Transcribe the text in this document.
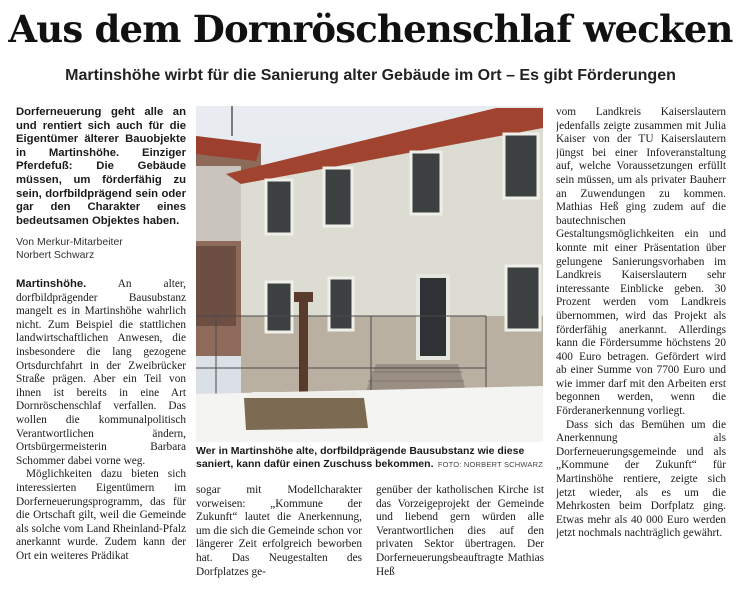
Aus dem Dornröschenschlaf wecken
Martinshöhe wirbt für die Sanierung alter Gebäude im Ort – Es gibt Förderungen

Dorferneuerung geht alle an und rentiert sich auch für die Eigentümer älterer Bauobjekte in Martinshöhe. Einziger Pferdefuß: Die Gebäude müssen, um förderfähig zu sein, dorfbildprägend sein oder gar den Charakter eines bedeutsamen Objektes haben.

Von Merkur-Mitarbeiter
Norbert Schwarz

Martinshöhe. An alter, dorfbildprägender Bausubstanz mangelt es in Martinshöhe wahrlich nicht. Zum Beispiel die stattlichen landwirtschaftlichen Anwesen, die insbesondere die lang gezogene Ortsdurchfahrt in der Zweibrücker Straße prägen. Aber ein Teil von ihnen ist bereits in eine Art Dornröschenschlaf verfallen. Das wollen die kommunalpolitisch Verantwortlichen ändern, Ortsbürgermeisterin Barbara Schommer dabei vorne weg.

Möglichkeiten dazu bieten sich interessierten Eigentümern im Dorferneuerungsprogramm, das für die Ortschaft gilt, weil die Gemeinde als solche vom Land Rheinland-Pfalz anerkannt wurde. Zudem kann der Ort ein weiteres Prädikat

Wer in Martinshöhe alte, dorfbildprägende Bausubstanz wie diese saniert, kann dafür einen Zuschuss bekommen. FOTO: NORBERT SCHWARZ

sogar mit Modellcharakter vorweisen: „Kommune der Zukunft“ lautet die Anerkennung, um die sich die Gemeinde schon vor längerer Zeit erfolgreich beworben hat. Das Neugestalten des Dorfplatzes ge-

genüber der katholischen Kirche ist das Vorzeigeprojekt der Gemeinde und liebend gern würden alle Verantwortlichen dies auf den privaten Sektor übertragen. Der Dorferneuerungsbeauftragte Mathias Heß

vom Landkreis Kaiserslautern jedenfalls zeigte zusammen mit Julia Kaiser von der TU Kaiserslautern jüngst bei einer Infoveranstaltung auf, welche Voraussetzungen erfüllt sein müssen, um als privater Bauherr an Zuwendungen zu kommen. Mathias Heß ging zudem auf die bautechnischen Gestaltungsmöglichkeiten ein und konnte mit einer Präsentation über gelungene Sanierungsvorhaben im Landkreis Kaiserslautern sehr interessante Einblicke geben. 30 Prozent werden vom Landkreis übernommen, wird das Projekt als förderfähig anerkannt. Allerdings kann die Fördersumme höchstens 20 400 Euro betragen. Gefördert wird ab einer Summe von 7700 Euro und wie immer darf mit den Arbeiten erst begonnen werden, wenn die Förderanerkennung vorliegt.

Dass sich das Bemühen um die Anerkennung als Dorferneuerungsgemeinde und als „Kommune der Zukunft“ für Martinshöhe rentiere, zeigte sich jetzt wieder, als es um die Mehrkosten beim Dorfplatz ging. Etwas mehr als 40 000 Euro werden jetzt nochmals nachträglich gewährt.
